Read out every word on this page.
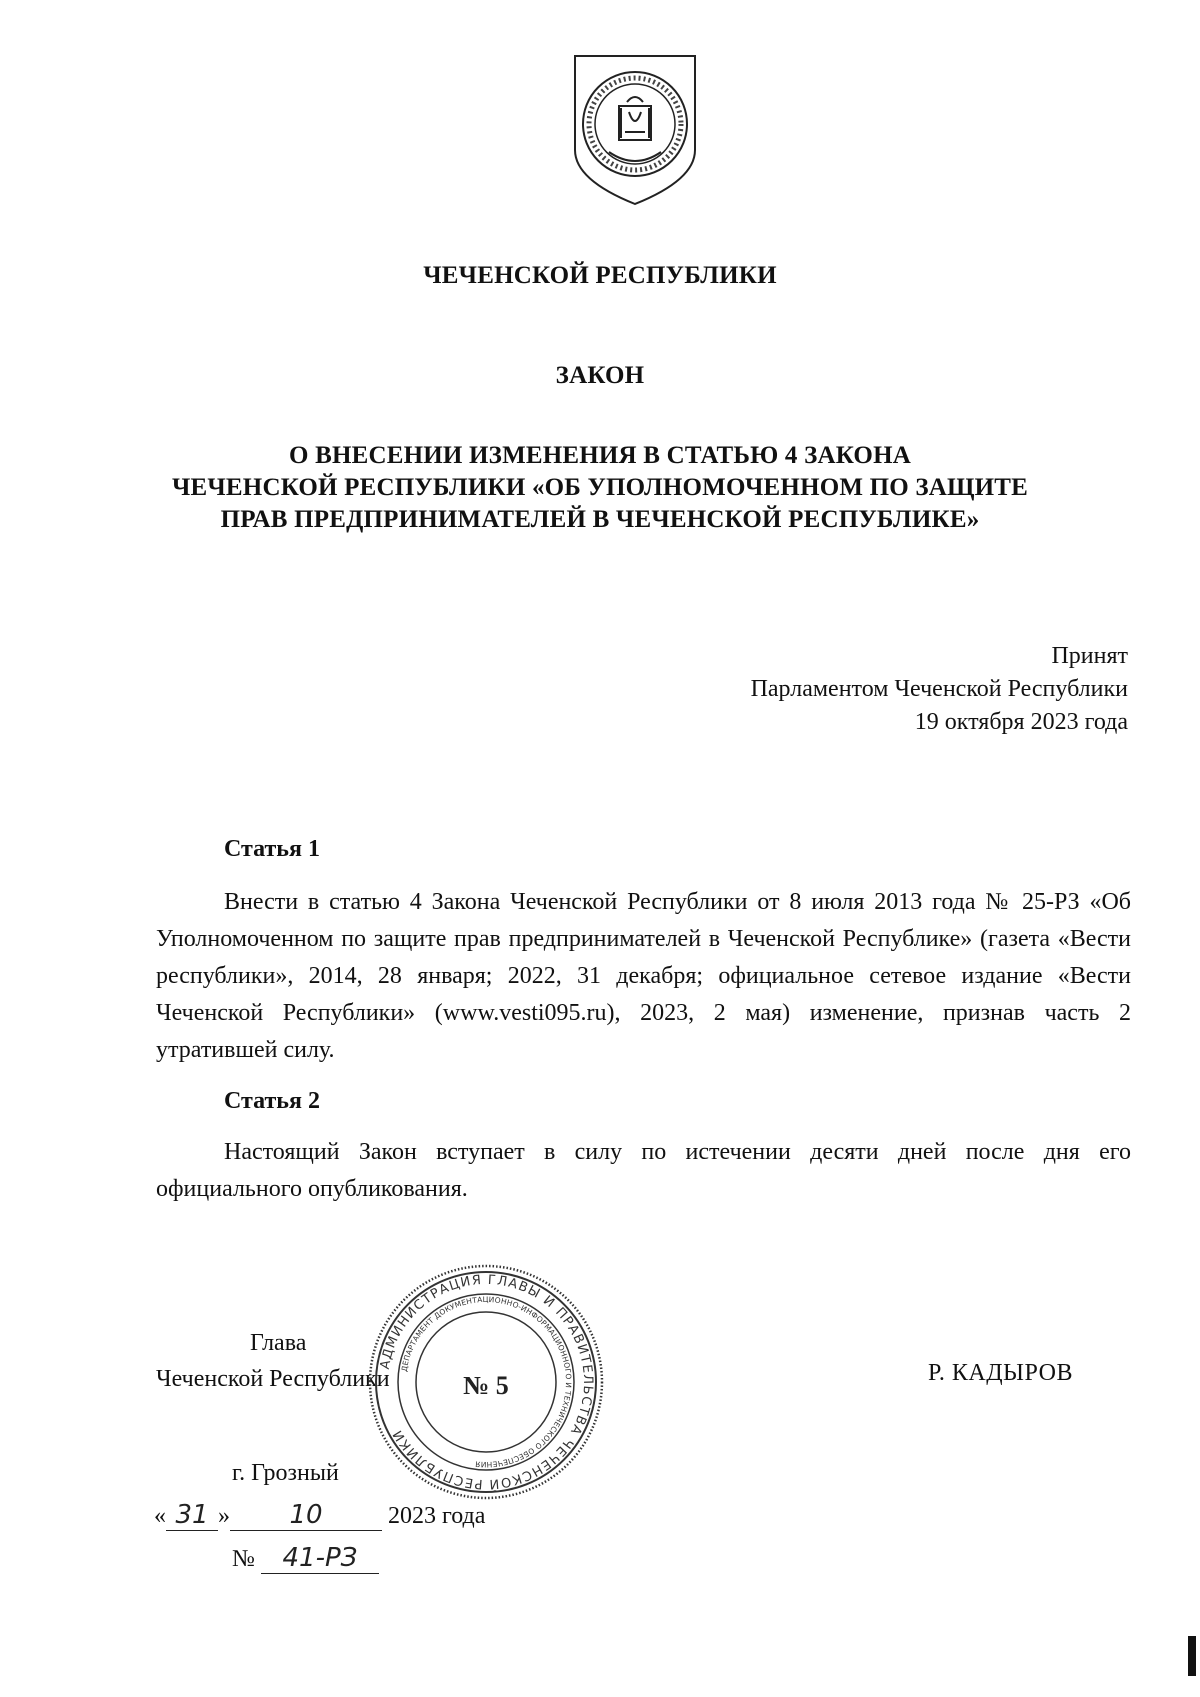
ЧЕЧЕНСКОЙ РЕСПУБЛИКИ
ЗАКОН
О ВНЕСЕНИИ ИЗМЕНЕНИЯ В СТАТЬЮ 4 ЗАКОНА
ЧЕЧЕНСКОЙ РЕСПУБЛИКИ «ОБ УПОЛНОМОЧЕННОМ ПО ЗАЩИТЕ
ПРАВ ПРЕДПРИНИМАТЕЛЕЙ В ЧЕЧЕНСКОЙ РЕСПУБЛИКЕ»
Принят
Парламентом Чеченской Республики
19 октября 2023 года
Статья 1
Внести в статью 4 Закона Чеченской Республики от 8 июля 2013 года № 25-РЗ «Об Уполномоченном по защите прав предпринимателей в Чеченской Республике» (газета «Вести республики», 2014, 28 января; 2022, 31 декабря; официальное сетевое издание «Вести Чеченской Республики» (www.vesti095.ru), 2023, 2 мая) изменение, признав часть 2 утратившей силу.
Статья 2
Настоящий Закон вступает в силу по истечении десяти дней после дня его официального опубликования.
Глава
Чеченской Республики	Р. КАДЫРОВ
г. Грозный
« 31 » 10	2023 года
№ 41-РЗ
АДМИНИСТРАЦИЯ ГЛАВЫ И ПРАВИТЕЛЬСТВА ЧЕЧЕНСКОЙ РЕСПУБЛИКИ
ДЕПАРТАМЕНТ ДОКУМЕНТАЦИОННО-ИНФОРМАЦИОННОГО И ТЕХНИЧЕСКОГО ОБЕСПЕЧЕНИЯ
№ 5
